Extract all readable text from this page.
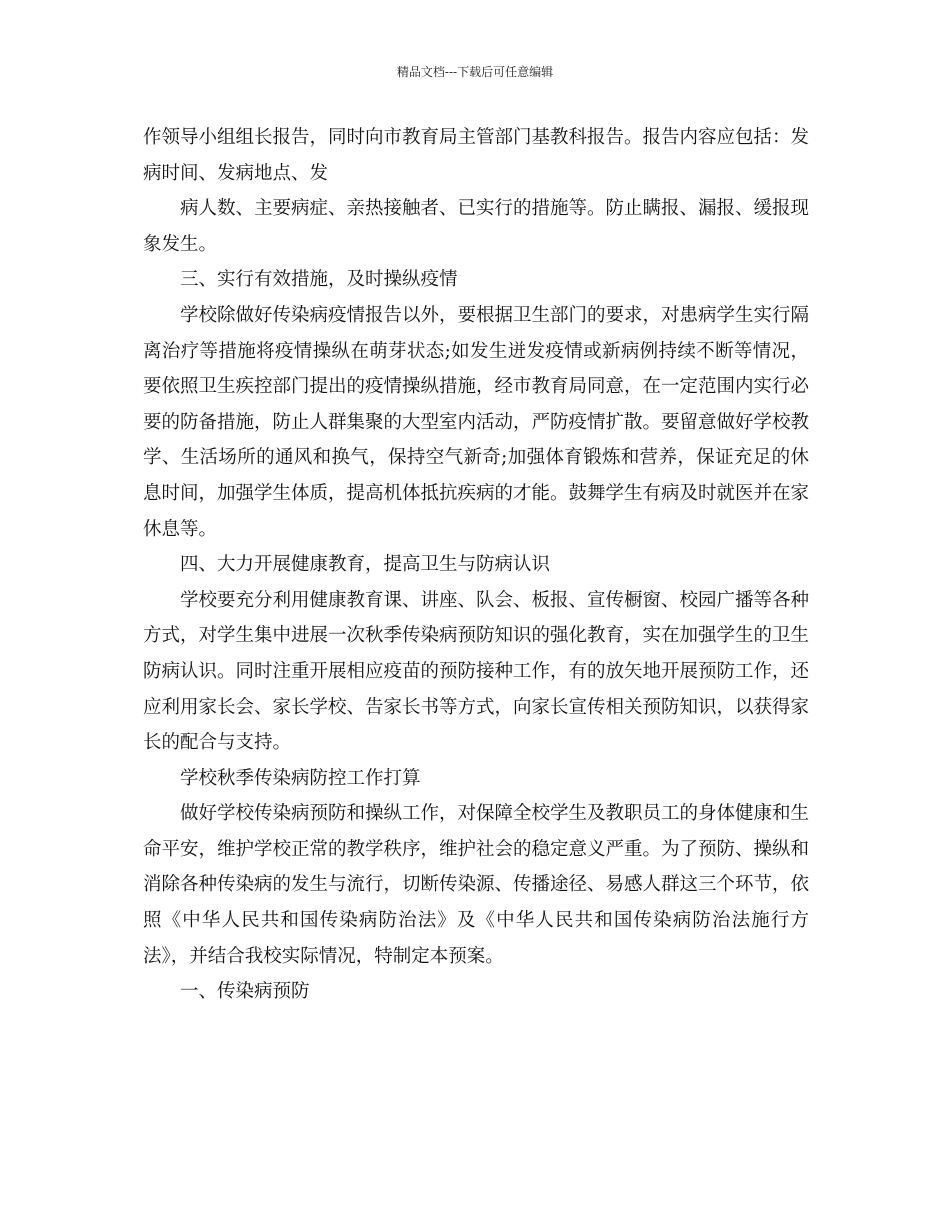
精品文档---下载后可任意编辑

作领导小组组长报告，同时向市教育局主管部门基教科报告。报告内容应包括：发病时间、发病地点、发

病人数、主要病症、亲热接触者、已实行的措施等。防止瞒报、漏报、缓报现象发生。

三、实行有效措施，及时操纵疫情

学校除做好传染病疫情报告以外，要根据卫生部门的要求，对患病学生实行隔离治疗等措施将疫情操纵在萌芽状态;如发生迸发疫情或新病例持续不断等情况，要依照卫生疾控部门提出的疫情操纵措施，经市教育局同意，在一定范围内实行必要的防备措施，防止人群集聚的大型室内活动，严防疫情扩散。要留意做好学校教学、生活场所的通风和换气，保持空气新奇;加强体育锻炼和营养，保证充足的休息时间，加强学生体质，提高机体抵抗疾病的才能。鼓舞学生有病及时就医并在家休息等。

四、大力开展健康教育，提高卫生与防病认识

学校要充分利用健康教育课、讲座、队会、板报、宣传橱窗、校园广播等各种方式，对学生集中进展一次秋季传染病预防知识的强化教育，实在加强学生的卫生防病认识。同时注重开展相应疫苗的预防接种工作，有的放矢地开展预防工作，还应利用家长会、家长学校、告家长书等方式，向家长宣传相关预防知识，以获得家长的配合与支持。

学校秋季传染病防控工作打算

做好学校传染病预防和操纵工作，对保障全校学生及教职员工的身体健康和生命平安，维护学校正常的教学秩序，维护社会的稳定意义严重。为了预防、操纵和消除各种传染病的发生与流行，切断传染源、传播途径、易感人群这三个环节，依照《中华人民共和国传染病防治法》及《中华人民共和国传染病防治法施行方法》，并结合我校实际情况，特制定本预案。

一、传染病预防
